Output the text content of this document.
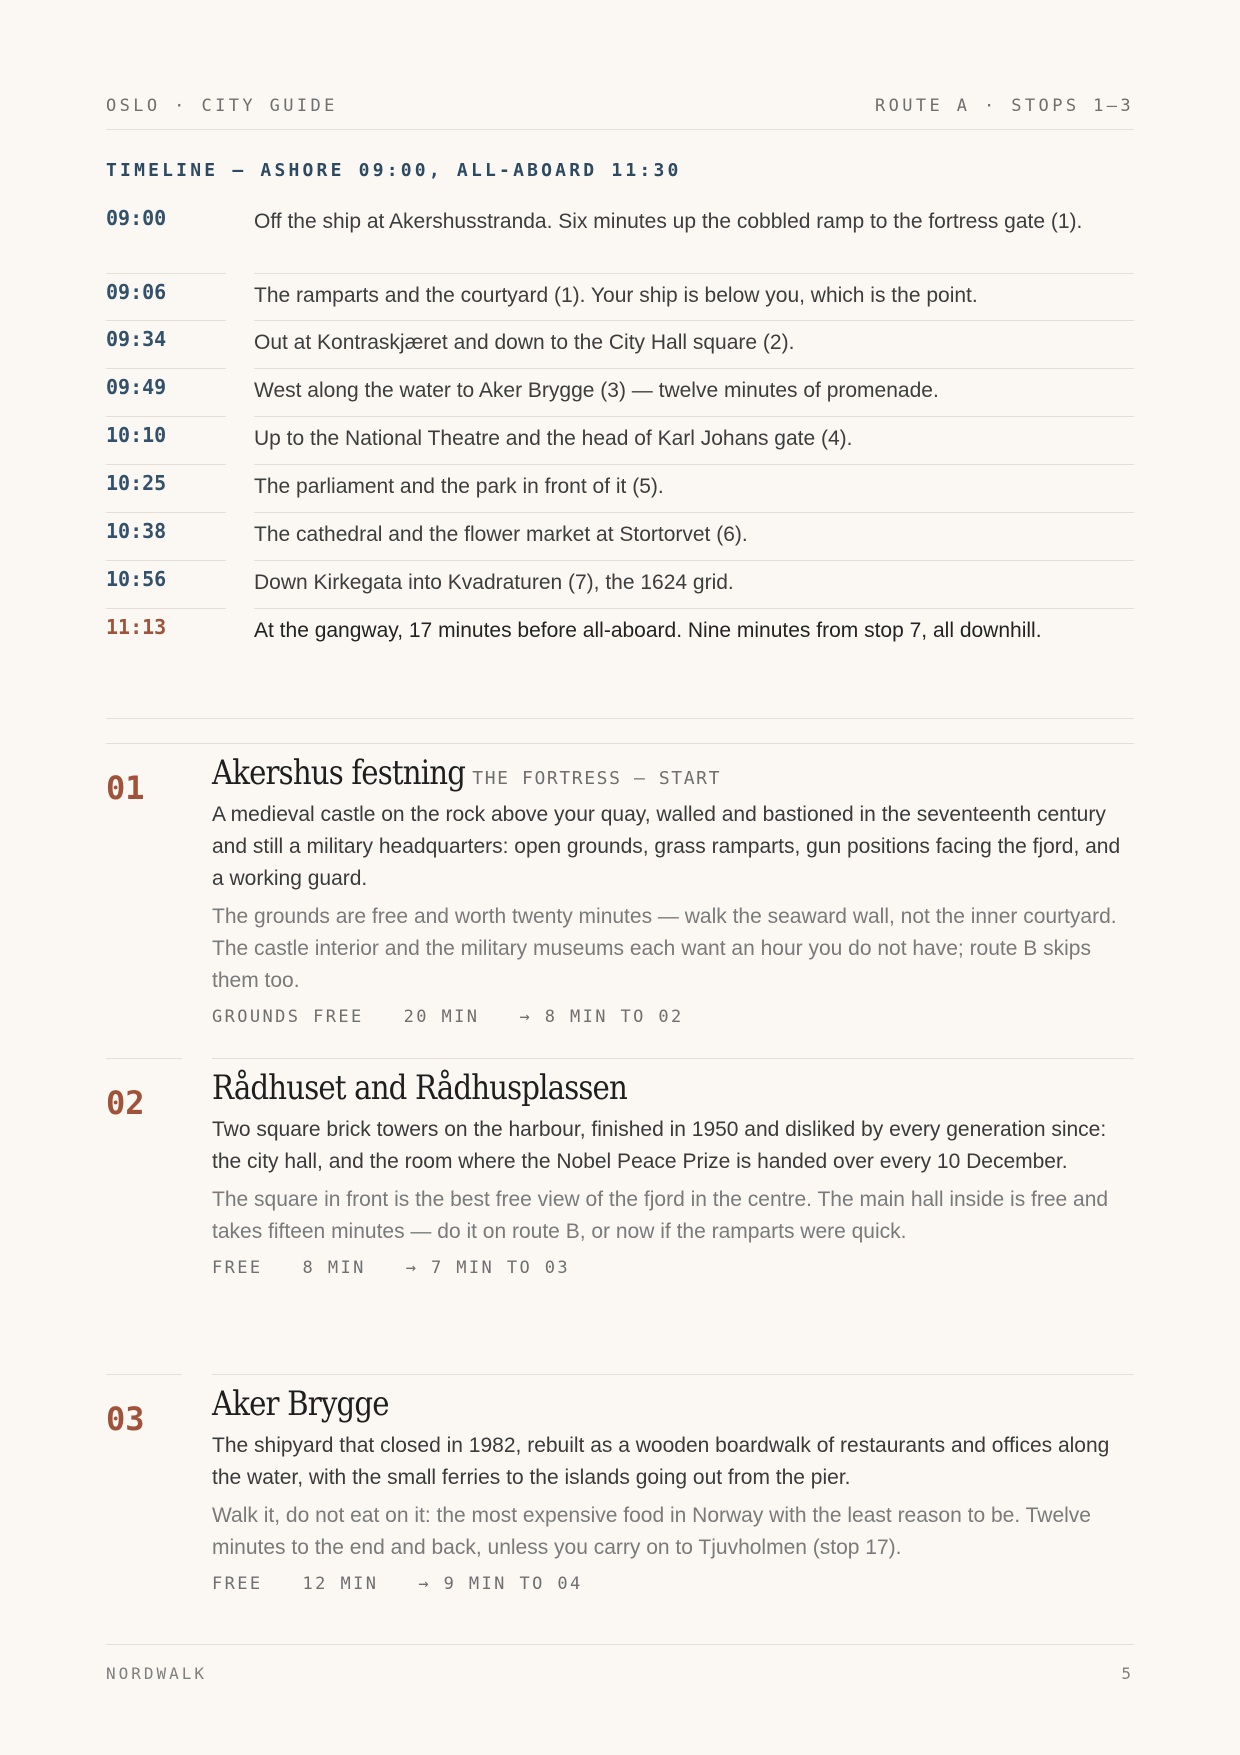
OSLO · CITY GUIDE	ROUTE A · STOPS 1–3
TIMELINE — ASHORE 09:00, ALL-ABOARD 11:30
09:00	Off the ship at Akershusstranda. Six minutes up the cobbled ramp to the fortress gate (1).
09:06	The ramparts and the courtyard (1). Your ship is below you, which is the point.
09:34	Out at Kontraskjæret and down to the City Hall square (2).
09:49	West along the water to Aker Brygge (3) — twelve minutes of promenade.
10:10	Up to the National Theatre and the head of Karl Johans gate (4).
10:25	The parliament and the park in front of it (5).
10:38	The cathedral and the flower market at Stortorvet (6).
10:56	Down Kirkegata into Kvadraturen (7), the 1624 grid.
11:13	At the gangway, 17 minutes before all-aboard. Nine minutes from stop 7, all downhill.
01 Akershus festning THE FORTRESS — START
A medieval castle on the rock above your quay, walled and bastioned in the seventeenth century and still a military headquarters: open grounds, grass ramparts, gun positions facing the fjord, and a working guard.
The grounds are free and worth twenty minutes — walk the seaward wall, not the inner courtyard. The castle interior and the military museums each want an hour you do not have; route B skips them too.
GROUNDS FREE 20 MIN → 8 MIN TO 02
02 Rådhuset and Rådhusplassen
Two square brick towers on the harbour, finished in 1950 and disliked by every generation since: the city hall, and the room where the Nobel Peace Prize is handed over every 10 December.
The square in front is the best free view of the fjord in the centre. The main hall inside is free and takes fifteen minutes — do it on route B, or now if the ramparts were quick.
FREE 8 MIN → 7 MIN TO 03
03 Aker Brygge
The shipyard that closed in 1982, rebuilt as a wooden boardwalk of restaurants and offices along the water, with the small ferries to the islands going out from the pier.
Walk it, do not eat on it: the most expensive food in Norway with the least reason to be. Twelve minutes to the end and back, unless you carry on to Tjuvholmen (stop 17).
FREE 12 MIN → 9 MIN TO 04
NORDWALK	5
